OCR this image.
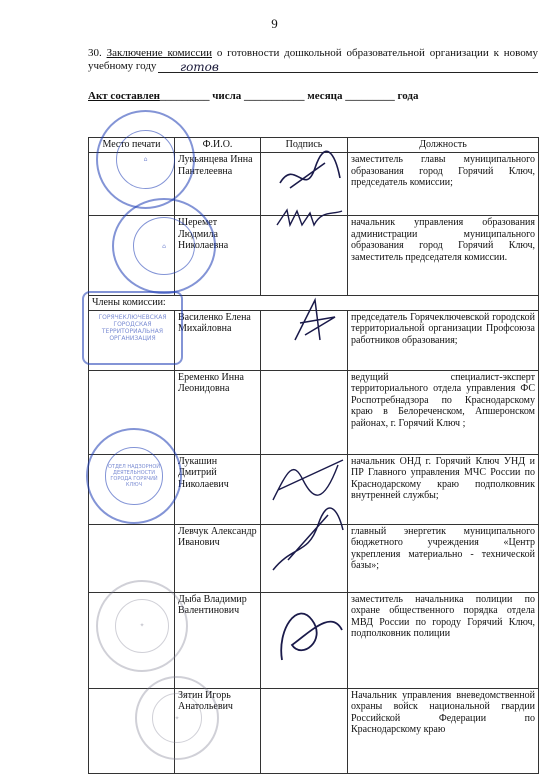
9
30. Заключение комиссии о готовности дошкольной образовательной организации к новому учебному году	готов
Акт составлен_________ числа ___________ месяца _________ года
Место печати	Ф.И.О.	Подпись	Должность
	Лукьянцева Инна Пантелеевна		заместитель главы муниципального образования город Горячий Ключ, председатель комиссии;
	Шеремет Людмила Николаевна		начальник управления образования администрации муниципального образования город Горячий Ключ, заместитель председателя комиссии.
Члены комиссии:			
	Василенко Елена Михайловна		председатель Горячеключевской городской территориальной организации Профсоюза работников образования;
	Еременко Инна Леонидовна		ведущий специалист-эксперт территориального отдела управления ФС Роспотребнадзора по Краснодарскому краю в Белореченском, Апшеронском районах, г. Горячий Ключ ;
	Лукашин Дмитрий Николаевич		начальник ОНД г. Горячий Ключ УНД и ПР Главного управления МЧС России по Краснодарскому краю подполковник внутренней службы;
	Левчук Александр Иванович		главный энергетик муниципального бюджетного учреждения «Центр укрепления материально - технической базы»;
	Дыба Владимир Валентинович		заместитель начальника полиции по охране общественного порядка отдела МВД России по городу Горячий Ключ, подполковник полиции
	Зятин Игорь Анатольевич		Начальник управления вневедомственной охраны войск национальной гвардии Российской Федерации по Краснодарскому краю
⌂
⌂
ГОРЯЧЕКЛЮЧЕВСКАЯ ГОРОДСКАЯ ТЕРРИТОРИАЛЬНАЯ ОРГАНИЗАЦИЯ
ОТДЕЛ НАДЗОРНОЙ ДЕЯТЕЛЬНОСТИ ГОРОДА ГОРЯЧИЙ КЛЮЧ
✦
✦
